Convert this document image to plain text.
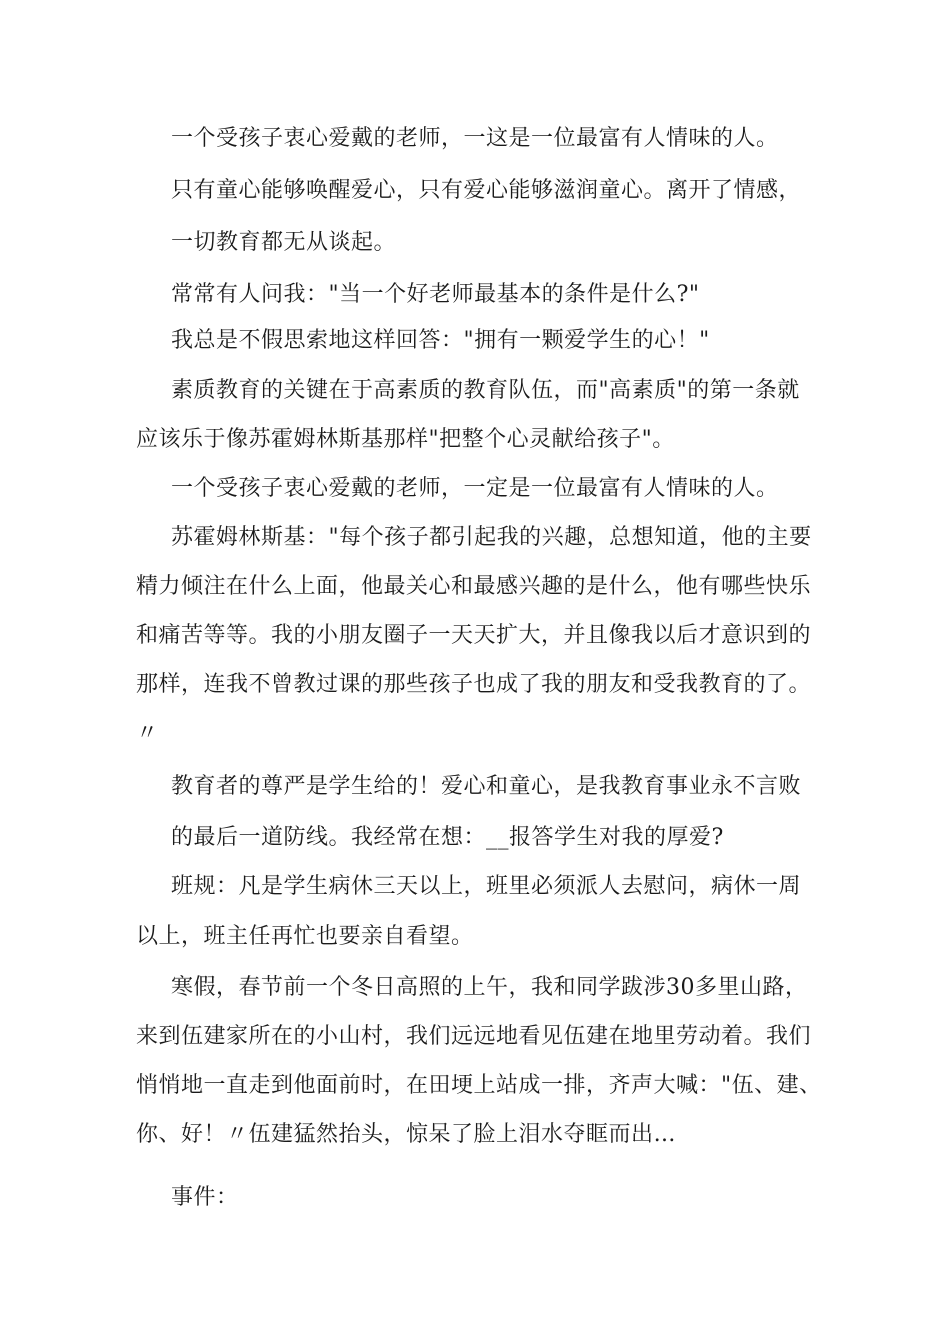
一个受孩子衷心爱戴的老师，一这是一位最富有人情味的人。
只有童心能够唤醒爱心，只有爱心能够滋润童心。离开了情感，
一切教育都无从谈起。
常常有人问我："当一个好老师最基本的条件是什么?"
我总是不假思索地这样回答："拥有一颗爱学生的心！"
素质教育的关键在于高素质的教育队伍，而"高素质"的第一条就
应该乐于像苏霍姆林斯基那样"把整个心灵献给孩子"。
一个受孩子衷心爱戴的老师，一定是一位最富有人情味的人。
苏霍姆林斯基："每个孩子都引起我的兴趣，总想知道，他的主要
精力倾注在什么上面，他最关心和最感兴趣的是什么，他有哪些快乐
和痛苦等等。我的小朋友圈子一天天扩大，并且像我以后才意识到的
那样，连我不曾教过课的那些孩子也成了我的朋友和受我教育的了。
〃
教育者的尊严是学生给的！爱心和童心，是我教育事业永不言败
的最后一道防线。我经常在想：__报答学生对我的厚爱?
班规：凡是学生病休三天以上，班里必须派人去慰问，病休一周
以上，班主任再忙也要亲自看望。
寒假，春节前一个冬日高照的上午，我和同学跋涉30多里山路，
来到伍建家所在的小山村，我们远远地看见伍建在地里劳动着。我们
悄悄地一直走到他面前时，在田埂上站成一排，齐声大喊："伍、建、
你、好！〃伍建猛然抬头，惊呆了脸上泪水夺眶而出…
事件：
